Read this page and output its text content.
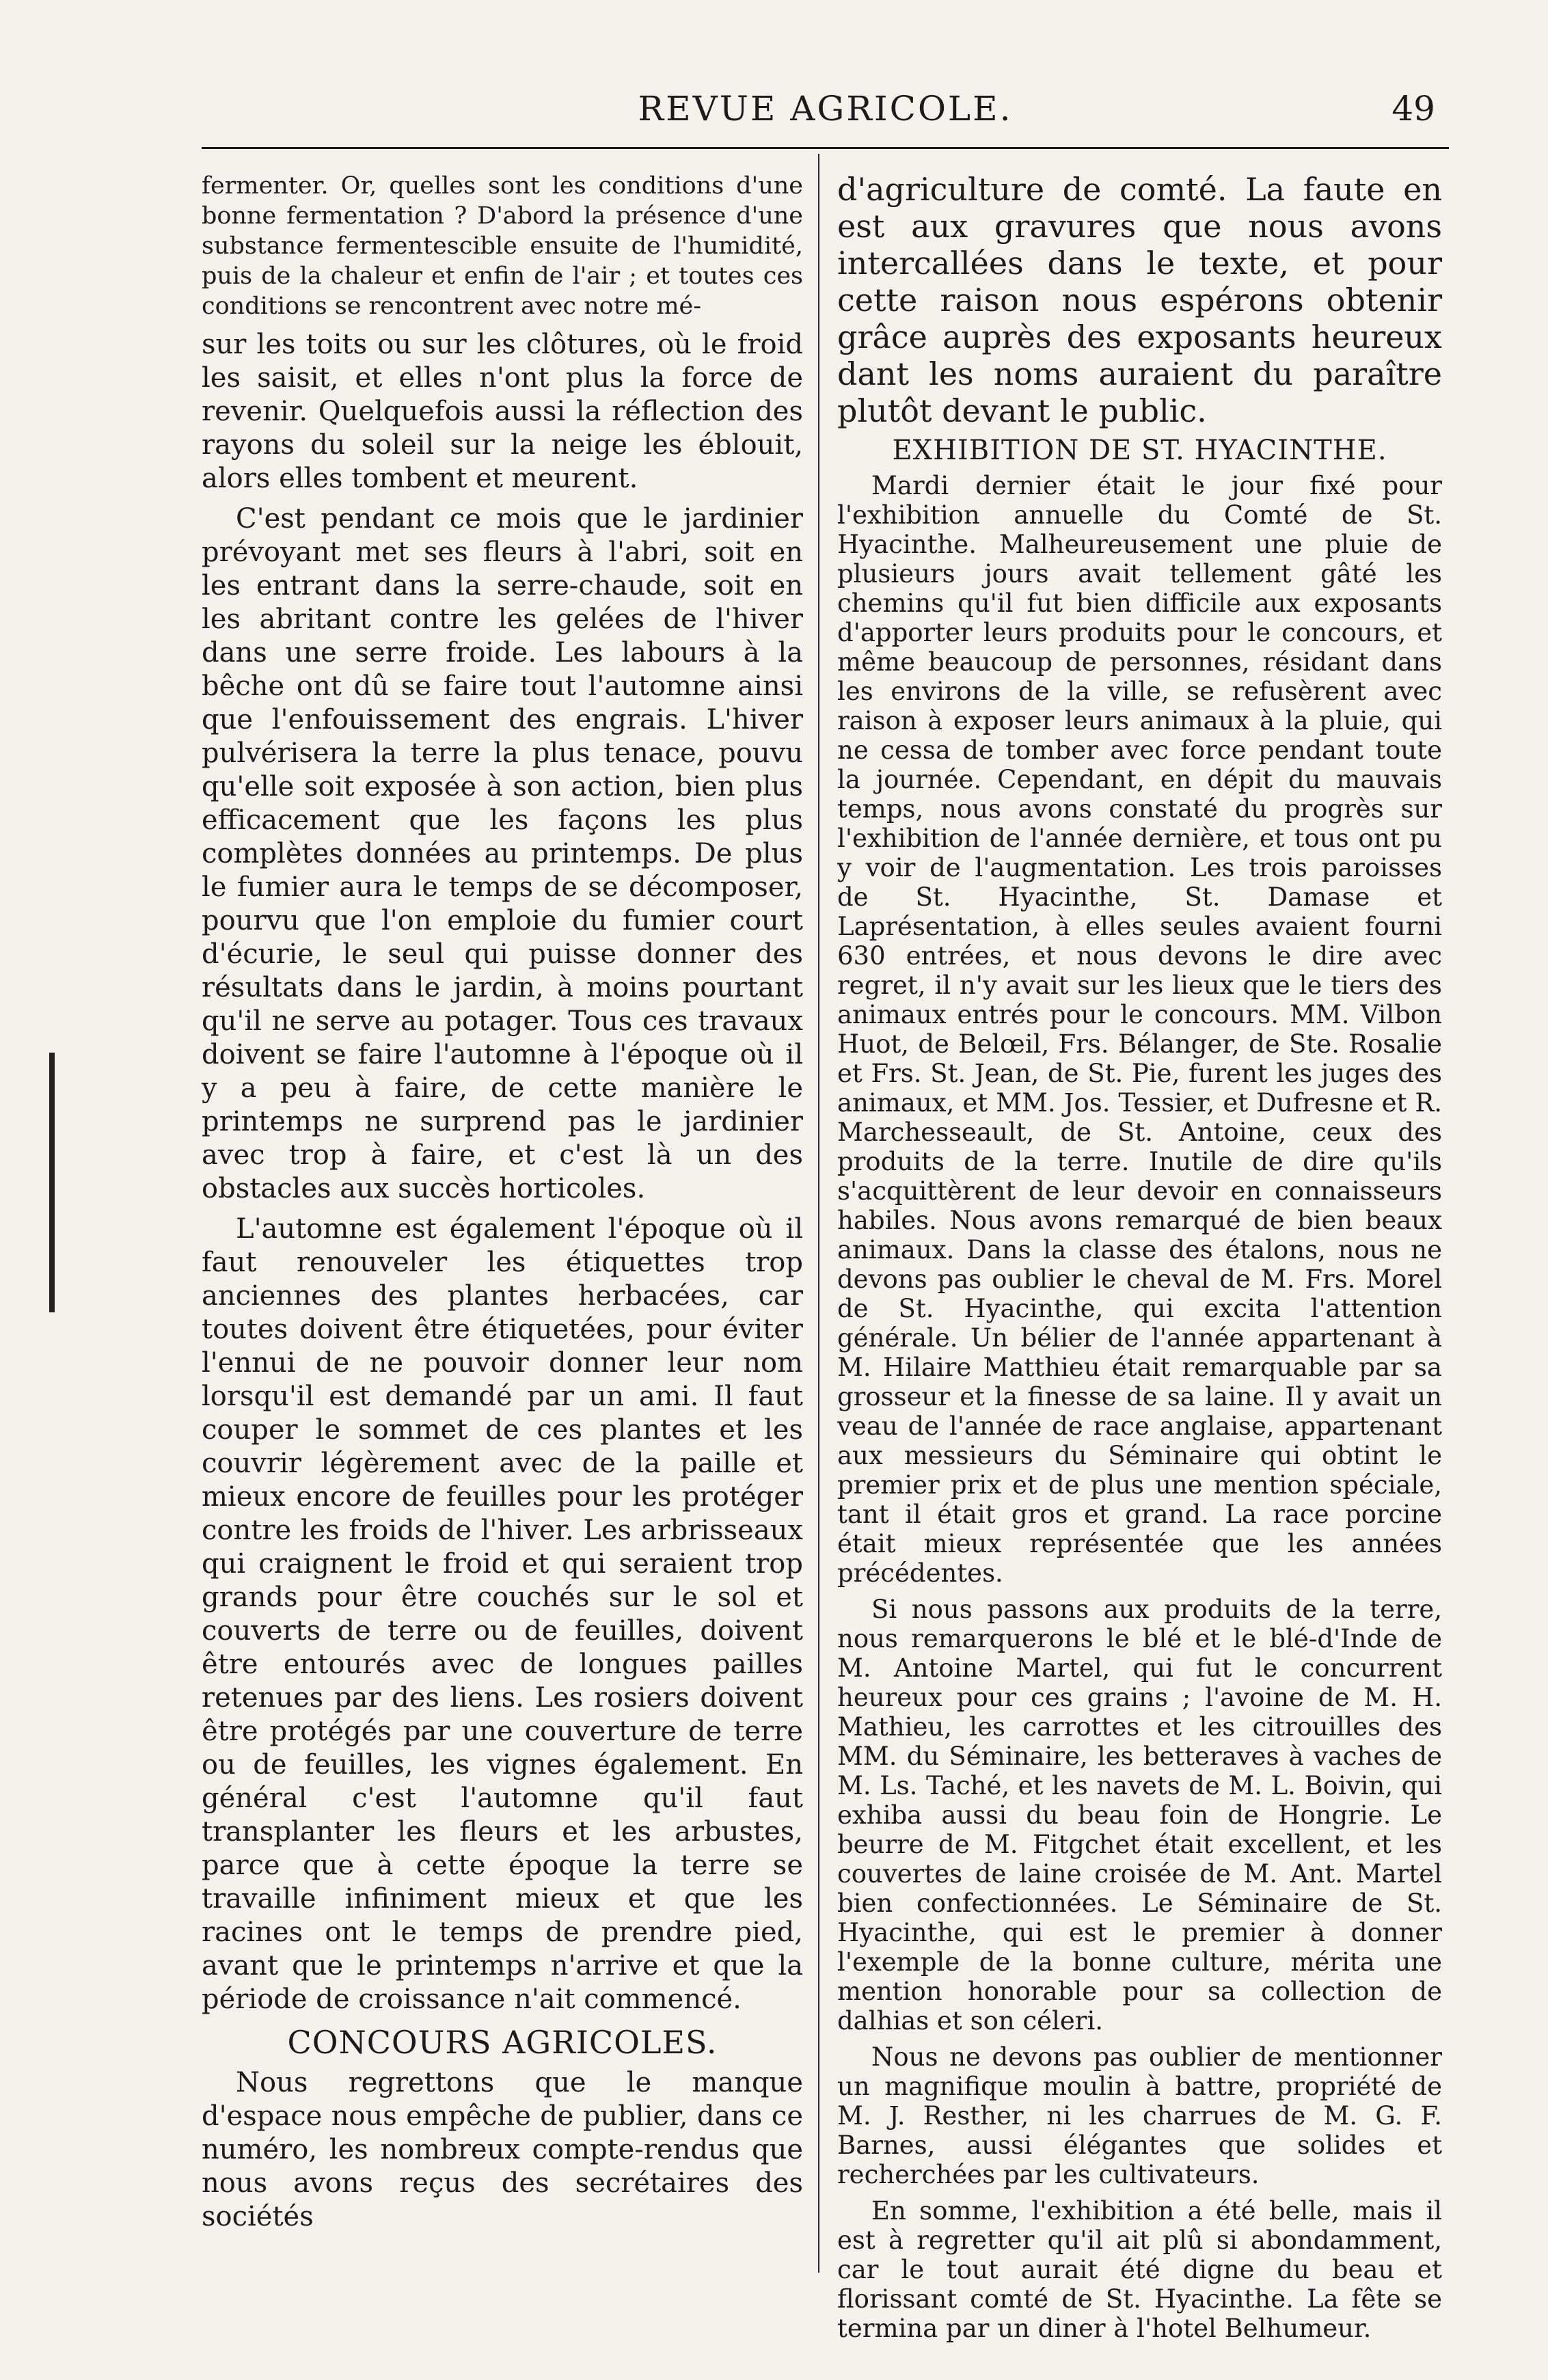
REVUE AGRICOLE.	49

fermenter. Or, quelles sont les conditions d'une bonne fermentation ? D'abord la présence d'une substance fermentescible ensuite de l'humidité, puis de la chaleur et enfin de l'air ; et toutes ces conditions se rencontrent avec notre mé-

sur les toits ou sur les clôtures, où le froid les saisit, et elles n'ont plus la force de revenir. Quelquefois aussi la réflection des rayons du soleil sur la neige les éblouit, alors elles tombent et meurent.

C'est pendant ce mois que le jardinier prévoyant met ses fleurs à l'abri, soit en les entrant dans la serre-chaude, soit en les abritant contre les gelées de l'hiver dans une serre froide. Les labours à la bêche ont dû se faire tout l'automne ainsi que l'enfouissement des engrais. L'hiver pulvérisera la terre la plus tenace, pouvu qu'elle soit exposée à son action, bien plus efficacement que les façons les plus complètes données au printemps. De plus le fumier aura le temps de se décomposer, pourvu que l'on emploie du fumier court d'écurie, le seul qui puisse donner des résultats dans le jardin, à moins pourtant qu'il ne serve au potager. Tous ces travaux doivent se faire l'automne à l'époque où il y a peu à faire, de cette manière le printemps ne surprend pas le jardinier avec trop à faire, et c'est là un des obstacles aux succès horticoles.

L'automne est également l'époque où il faut renouveler les étiquettes trop anciennes des plantes herbacées, car toutes doivent être étiquetées, pour éviter l'ennui de ne pouvoir donner leur nom lorsqu'il est demandé par un ami. Il faut couper le sommet de ces plantes et les couvrir légèrement avec de la paille et mieux encore de feuilles pour les protéger contre les froids de l'hiver. Les arbrisseaux qui craignent le froid et qui seraient trop grands pour être couchés sur le sol et couverts de terre ou de feuilles, doivent être entourés avec de longues pailles retenues par des liens. Les rosiers doivent être protégés par une couverture de terre ou de feuilles, les vignes également. En général c'est l'automne qu'il faut transplanter les fleurs et les arbustes, parce que à cette époque la terre se travaille infiniment mieux et que les racines ont le temps de prendre pied, avant que le printemps n'arrive et que la période de croissance n'ait commencé.

CONCOURS AGRICOLES.

Nous regrettons que le manque d'espace nous empêche de publier, dans ce numéro, les nombreux compte-rendus que nous avons reçus des secrétaires des sociétés

d'agriculture de comté. La faute en est aux gravures que nous avons intercallées dans le texte, et pour cette raison nous espérons obtenir grâce auprès des exposants heureux dant les noms auraient du paraître plutôt devant le public.

EXHIBITION DE ST. HYACINTHE.

Mardi dernier était le jour fixé pour l'exhibition annuelle du Comté de St. Hyacinthe. Malheureusement une pluie de plusieurs jours avait tellement gâté les chemins qu'il fut bien difficile aux exposants d'apporter leurs produits pour le concours, et même beaucoup de personnes, résidant dans les environs de la ville, se refusèrent avec raison à exposer leurs animaux à la pluie, qui ne cessa de tomber avec force pendant toute la journée. Cependant, en dépit du mauvais temps, nous avons constaté du progrès sur l'exhibition de l'année dernière, et tous ont pu y voir de l'augmentation. Les trois paroisses de St. Hyacinthe, St. Damase et Laprésentation, à elles seules avaient fourni 630 entrées, et nous devons le dire avec regret, il n'y avait sur les lieux que le tiers des animaux entrés pour le concours. MM. Vilbon Huot, de Belœil, Frs. Bélanger, de Ste. Rosalie et Frs. St. Jean, de St. Pie, furent les juges des animaux, et MM. Jos. Tessier, et Dufresne et R. Marchesseault, de St. Antoine, ceux des produits de la terre. Inutile de dire qu'ils s'acquittèrent de leur devoir en connaisseurs habiles. Nous avons remarqué de bien beaux animaux. Dans la classe des étalons, nous ne devons pas oublier le cheval de M. Frs. Morel de St. Hyacinthe, qui excita l'attention générale. Un bélier de l'année appartenant à M. Hilaire Matthieu était remarquable par sa grosseur et la finesse de sa laine. Il y avait un veau de l'année de race anglaise, appartenant aux messieurs du Séminaire qui obtint le premier prix et de plus une mention spéciale, tant il était gros et grand. La race porcine était mieux représentée que les années précédentes.

Si nous passons aux produits de la terre, nous remarquerons le blé et le blé-d'Inde de M. Antoine Martel, qui fut le concurrent heureux pour ces grains ; l'avoine de M. H. Mathieu, les carrottes et les citrouilles des MM. du Séminaire, les betteraves à vaches de M. Ls. Taché, et les navets de M. L. Boivin, qui exhiba aussi du beau foin de Hongrie. Le beurre de M. Fitgchet était excellent, et les couvertes de laine croisée de M. Ant. Martel bien confectionnées. Le Séminaire de St. Hyacinthe, qui est le premier à donner l'exemple de la bonne culture, mérita une mention honorable pour sa collection de dalhias et son céleri.

Nous ne devons pas oublier de mentionner un magnifique moulin à battre, propriété de M. J. Resther, ni les charrues de M. G. F. Barnes, aussi élégantes que solides et recherchées par les cultivateurs.

En somme, l'exhibition a été belle, mais il est à regretter qu'il ait plû si abondamment, car le tout aurait été digne du beau et florissant comté de St. Hyacinthe. La fête se termina par un diner à l'hotel Belhumeur.
